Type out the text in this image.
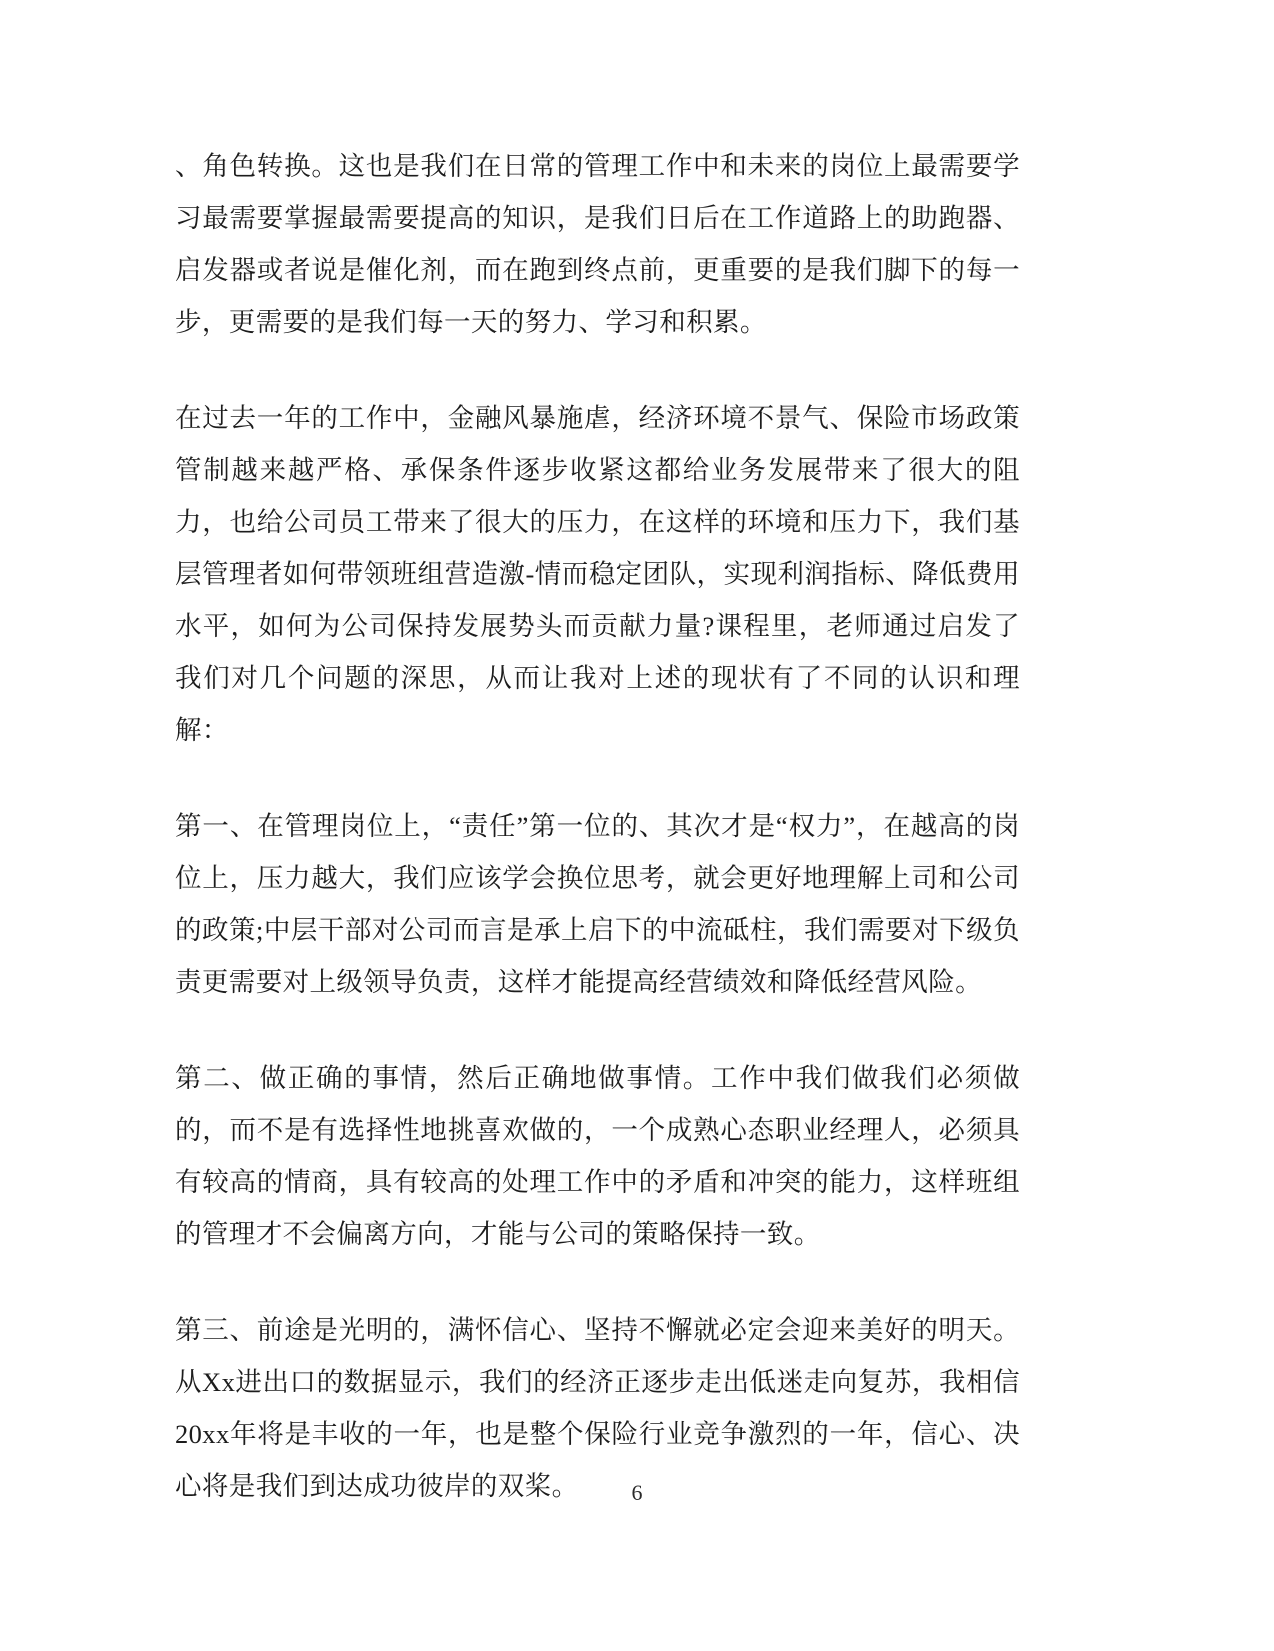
、角色转换。这也是我们在日常的管理工作中和未来的岗位上最需要学习最需要掌握最需要提高的知识，是我们日后在工作道路上的助跑器、启发器或者说是催化剂，而在跑到终点前，更重要的是我们脚下的每一步，更需要的是我们每一天的努力、学习和积累。

在过去一年的工作中，金融风暴施虐，经济环境不景气、保险市场政策管制越来越严格、承保条件逐步收紧这都给业务发展带来了很大的阻力，也给公司员工带来了很大的压力，在这样的环境和压力下，我们基层管理者如何带领班组营造激-情而稳定团队，实现利润指标、降低费用水平，如何为公司保持发展势头而贡献力量?课程里，老师通过启发了我们对几个问题的深思，从而让我对上述的现状有了不同的认识和理解：

第一、在管理岗位上，“责任”第一位的、其次才是“权力”，在越高的岗位上，压力越大，我们应该学会换位思考，就会更好地理解上司和公司的政策;中层干部对公司而言是承上启下的中流砥柱，我们需要对下级负责更需要对上级领导负责，这样才能提高经营绩效和降低经营风险。

第二、做正确的事情，然后正确地做事情。工作中我们做我们必须做的，而不是有选择性地挑喜欢做的，一个成熟心态职业经理人，必须具有较高的情商，具有较高的处理工作中的矛盾和冲突的能力，这样班组的管理才不会偏离方向，才能与公司的策略保持一致。

第三、前途是光明的，满怀信心、坚持不懈就必定会迎来美好的明天。从Xx进出口的数据显示，我们的经济正逐步走出低迷走向复苏，我相信20xx年将是丰收的一年，也是整个保险行业竞争激烈的一年，信心、决心将是我们到达成功彼岸的双桨。	6
